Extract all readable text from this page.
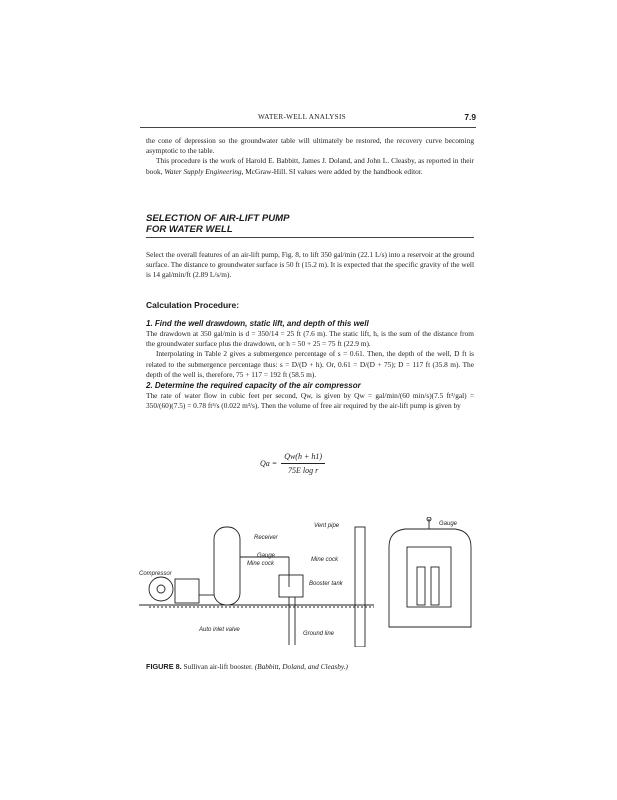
WATER-WELL ANALYSIS	7.9

the cone of depression so the groundwater table will ultimately be restored, the recovery curve becoming asymptotic to the table.

This procedure is the work of Harold E. Babbitt, James J. Doland, and John L. Cleasby, as reported in their book, Water Supply Engineering, McGraw-Hill. SI values were added by the handbook editor.

SELECTION OF AIR-LIFT PUMP
FOR WATER WELL

Select the overall features of an air-lift pump, Fig. 8, to lift 350 gal/min (22.1 L/s) into a reservoir at the ground surface. The distance to groundwater surface is 50 ft (15.2 m). It is expected that the specific gravity of the well is 14 gal/min/ft (2.89 L/s/m).

Calculation Procedure:

1. Find the well drawdown, static lift, and depth of this well

The drawdown at 350 gal/min is d = 350/14 = 25 ft (7.6 m). The static lift, h, is the sum of the distance from the groundwater surface plus the drawdown, or h = 50 + 25 = 75 ft (22.9 m).

Interpolating in Table 2 gives a submergence percentage of s = 0.61. Then, the depth of the well, D ft is related to the submergence percentage thus: s = D/(D + h). Or, 0.61 = D/(D + 75); D = 117 ft (35.8 m). The depth of the well is, therefore, 75 + 117 = 192 ft (58.5 m).

2. Determine the required capacity of the air compressor

The rate of water flow in cubic feet per second, Qw, is given by Qw = gal/min/(60 min/s)(7.5 ft³/gal) = 350/(60)(7.5) = 0.78 ft³/s (0.022 m³/s). Then the volume of free air required by the air-lift pump is given by

$Qa = \frac{Qw(h + h1)}{\text{75E log r}}$
Vent pipe	Gauge
Receiver
Gauge
Mine cock
Mine cock
Compressor
Booster tank
Auto inlet valve
Ground line
FIGURE 8. Sullivan air-lift booster. (Babbitt, Doland, and Cleasby.)
